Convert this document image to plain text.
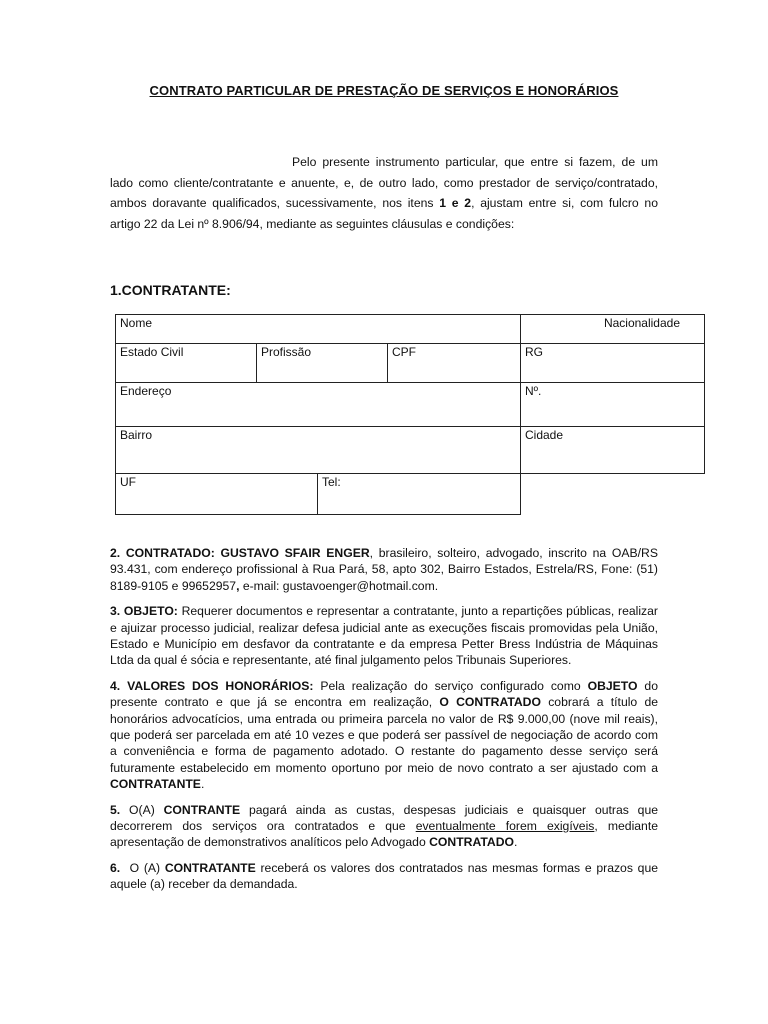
CONTRATO PARTICULAR DE PRESTAÇÃO DE SERVIÇOS E HONORÁRIOS
Pelo presente instrumento particular, que entre si fazem, de um lado como cliente/contratante e anuente, e, de outro lado, como prestador de serviço/contratado, ambos doravante qualificados, sucessivamente, nos itens 1 e 2, ajustam entre si, com fulcro no artigo 22 da Lei nº 8.906/94, mediante as seguintes cláusulas e condições:
1.CONTRATANTE:
Nome	Nacionalidade
Estado Civil	Profissão	CPF	RG
Endereço	Nº.
Bairro	Cidade
UF	Tel:

2. CONTRATADO: GUSTAVO SFAIR ENGER, brasileiro, solteiro, advogado, inscrito na OAB/RS 93.431, com endereço profissional à Rua Pará, 58, apto 302, Bairro Estados, Estrela/RS, Fone: (51) 8189-9105 e 99652957, e-mail: gustavoenger@hotmail.com.

3. OBJETO: Requerer documentos e representar a contratante, junto a repartições públicas, realizar e ajuizar processo judicial, realizar defesa judicial ante as execuções fiscais promovidas pela União, Estado e Município em desfavor da contratante e da empresa Petter Bress Indústria de Máquinas Ltda da qual é sócia e representante, até final julgamento pelos Tribunais Superiores.

4. VALORES DOS HONORÁRIOS: Pela realização do serviço configurado como OBJETO do presente contrato e que já se encontra em realização, O CONTRATADO cobrará a título de honorários advocatícios, uma entrada ou primeira parcela no valor de R$ 9.000,00 (nove mil reais), que poderá ser parcelada em até 10 vezes e que poderá ser passível de negociação de acordo com a conveniência e forma de pagamento adotado. O restante do pagamento desse serviço será futuramente estabelecido em momento oportuno por meio de novo contrato a ser ajustado com a CONTRATANTE.

5. O(A) CONTRANTE pagará ainda as custas, despesas judiciais e quaisquer outras que decorrerem dos serviços ora contratados e que eventualmente forem exigíveis, mediante apresentação de demonstrativos analíticos pelo Advogado CONTRATADO.

6.  O (A) CONTRATANTE receberá os valores dos contratados nas mesmas formas e prazos que aquele (a) receber da demandada.
